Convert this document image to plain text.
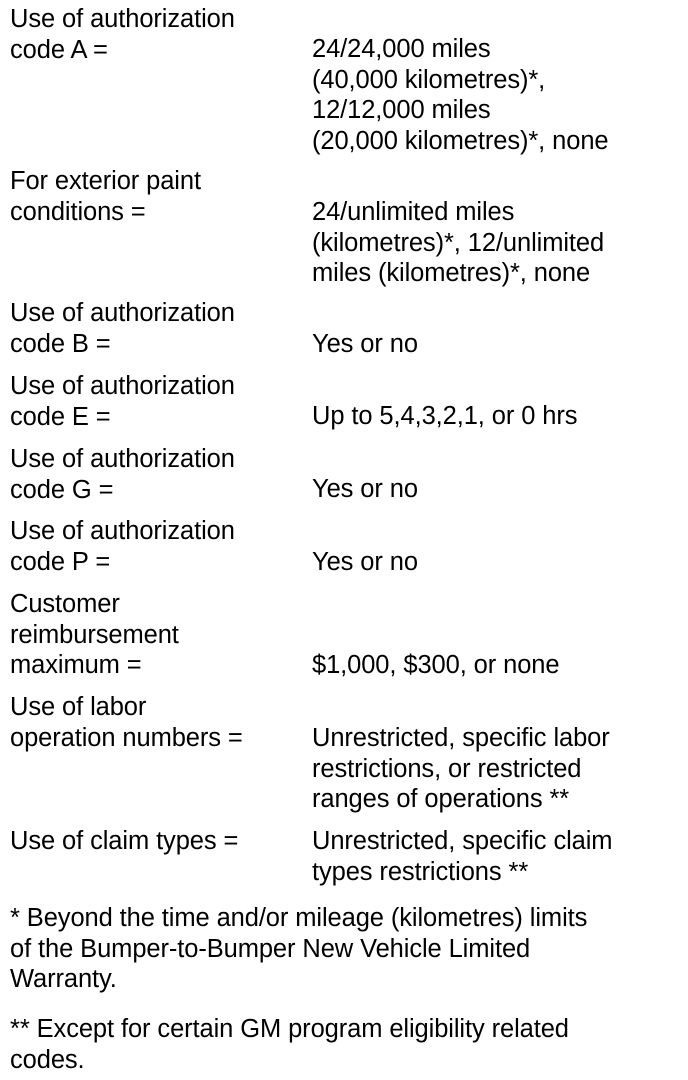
Use of authorization
code A =	24/24,000 miles
(40,000 kilometres)*,
12/12,000 miles
(20,000 kilometres)*, none
For exterior paint
conditions =	24/unlimited miles
(kilometres)*, 12/unlimited
miles (kilometres)*, none
Use of authorization
code B =	Yes or no
Use of authorization
code E =	Up to 5,4,3,2,1, or 0 hrs
Use of authorization
code G =	Yes or no
Use of authorization
code P =	Yes or no
Customer
reimbursement
maximum =	$1,000, $300, or none
Use of labor
operation numbers =	Unrestricted, specific labor
restrictions, or restricted
ranges of operations **
Use of claim types =	Unrestricted, specific claim
types restrictions **
* Beyond the time and/or mileage (kilometres) limits
of the Bumper-to-Bumper New Vehicle Limited
Warranty.
** Except for certain GM program eligibility related
codes.
